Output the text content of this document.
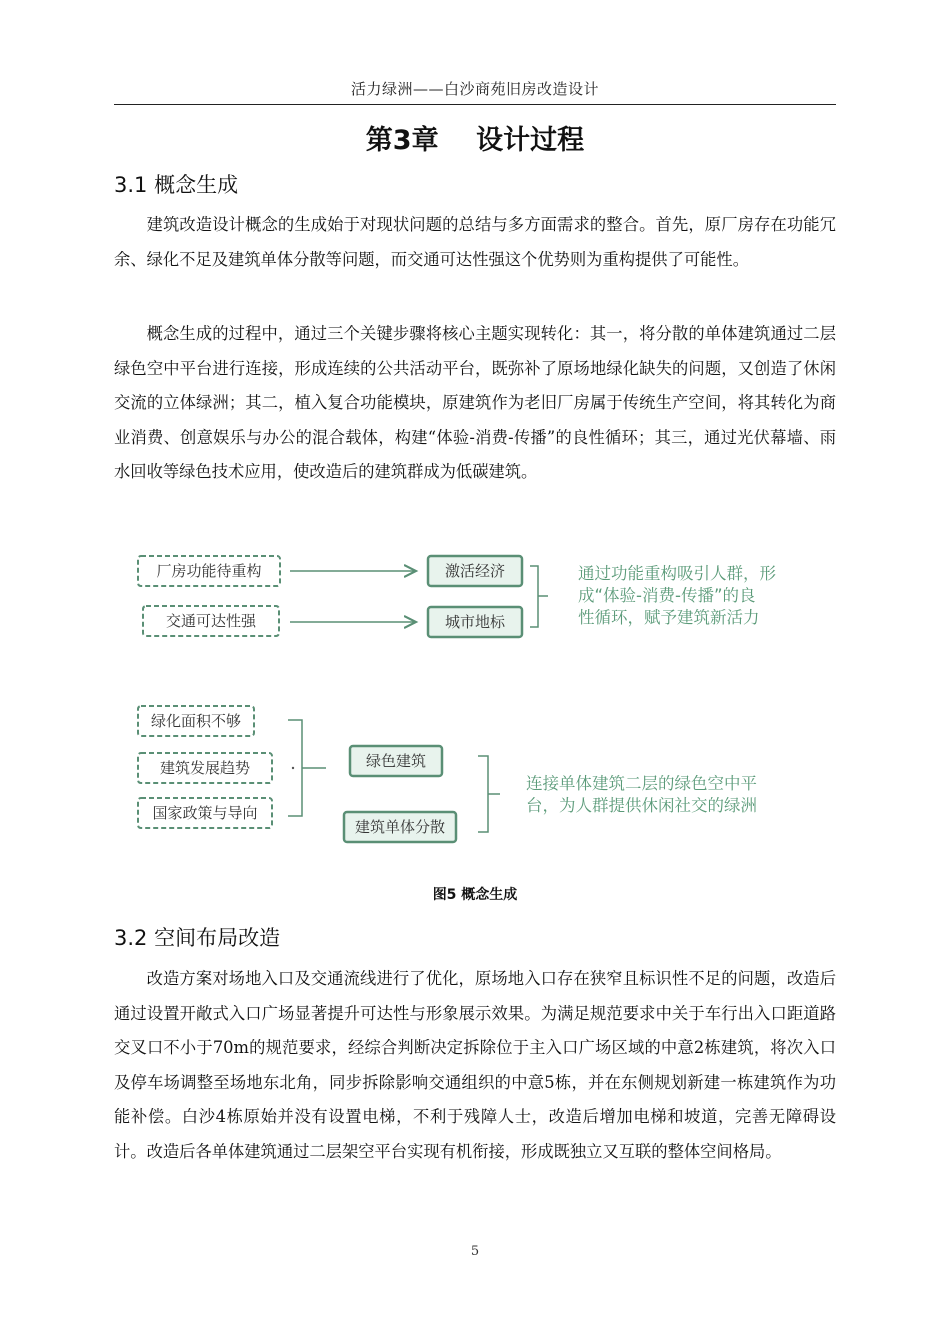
活力绿洲——白沙商苑旧房改造设计
第3章    设计过程
3.1 概念生成

建筑改造设计概念的生成始于对现状问题的总结与多方面需求的整合。首先，原厂房存在功能冗余、绿化不足及建筑单体分散等问题，而交通可达性强这个优势则为重构提供了可能性。

概念生成的过程中，通过三个关键步骤将核心主题实现转化：其一，将分散的单体建筑通过二层绿色空中平台进行连接，形成连续的公共活动平台，既弥补了原场地绿化缺失的问题，又创造了休闲交流的立体绿洲；其二，植入复合功能模块，原建筑作为老旧厂房属于传统生产空间，将其转化为商业消费、创意娱乐与办公的混合载体，构建“体验-消费-传播”的良性循环；其三，通过光伏幕墙、雨水回收等绿色技术应用，使改造后的建筑群成为低碳建筑。

厂房功能待重构
交通可达性强
激活经济
城市地标
通过功能重构吸引人群，形
成“体验-消费-传播”的良
性循环，赋予建筑新活力
绿化面积不够
建筑发展趋势
国家政策与导向
绿色建筑
建筑单体分散
连接单体建筑二层的绿色空中平
台，为人群提供休闲社交的绿洲
图5 概念生成
3.2 空间布局改造

改造方案对场地入口及交通流线进行了优化，原场地入口存在狭窄且标识性不足的问题，改造后通过设置开敞式入口广场显著提升可达性与形象展示效果。为满足规范要求中关于车行出入口距道路交叉口不小于70m的规范要求，经综合判断决定拆除位于主入口广场区域的中意2栋建筑，将次入口及停车场调整至场地东北角，同步拆除影响交通组织的中意5栋，并在东侧规划新建一栋建筑作为功能补偿。白沙4栋原始并没有设置电梯，不利于残障人士，改造后增加电梯和坡道，完善无障碍设计。改造后各单体建筑通过二层架空平台实现有机衔接，形成既独立又互联的整体空间格局。

5
